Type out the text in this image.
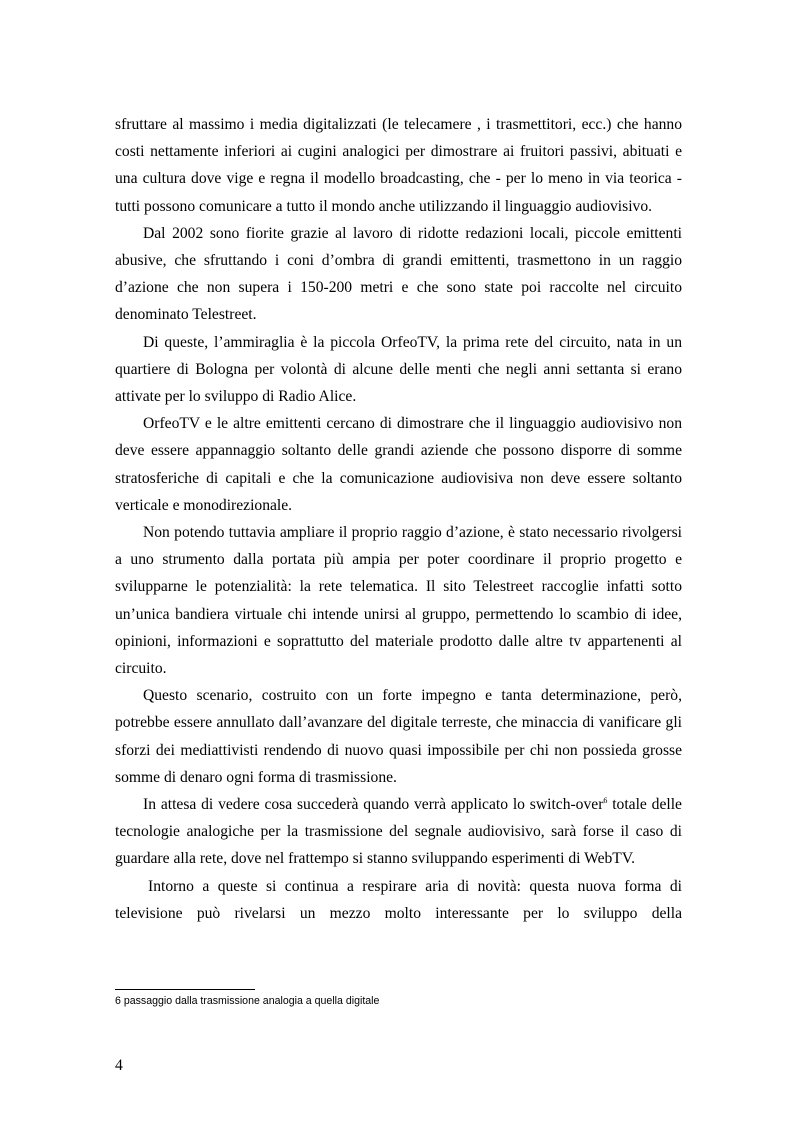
sfruttare al massimo i media digitalizzati (le telecamere , i trasmettitori, ecc.) che hanno costi nettamente inferiori ai cugini analogici per dimostrare ai fruitori passivi, abituati e una cultura dove vige e regna il modello broadcasting, che - per lo meno in via teorica - tutti possono comunicare a tutto il mondo anche utilizzando il linguaggio audiovisivo.

Dal 2002 sono fiorite grazie al lavoro di ridotte redazioni locali, piccole emittenti abusive, che sfruttando i coni d’ombra di grandi emittenti, trasmettono in un raggio d’azione che non supera i 150-200 metri e che sono state poi raccolte nel circuito denominato Telestreet.

Di queste, l’ammiraglia è la piccola OrfeoTV, la prima rete del circuito, nata in un quartiere di Bologna per volontà di alcune delle menti che negli anni settanta si erano attivate per lo sviluppo di Radio Alice.

OrfeoTV e le altre emittenti cercano di dimostrare che il linguaggio audiovisivo non deve essere appannaggio soltanto delle grandi aziende che possono disporre di somme stratosferiche di capitali e che la comunicazione audiovisiva non deve essere soltanto verticale e monodirezionale.

Non potendo tuttavia ampliare il proprio raggio d’azione, è stato necessario rivolgersi a uno strumento dalla portata più ampia per poter coordinare il proprio progetto e svilupparne le potenzialità: la rete telematica. Il sito Telestreet raccoglie infatti sotto un’unica bandiera virtuale chi intende unirsi al gruppo, permettendo lo scambio di idee, opinioni, informazioni e soprattutto del materiale prodotto dalle altre tv appartenenti al circuito.

Questo scenario, costruito con un forte impegno e tanta determinazione, però, potrebbe essere annullato dall’avanzare del digitale terreste, che minaccia di vanificare gli sforzi dei mediattivisti rendendo di nuovo quasi impossibile per chi non possieda grosse somme di denaro ogni forma di trasmissione.

In attesa di vedere cosa succederà quando verrà applicato lo switch-over$^6$ totale delle tecnologie analogiche per la trasmissione del segnale audiovisivo, sarà forse il caso di guardare alla rete, dove nel frattempo si stanno sviluppando esperimenti di WebTV.

Intorno a queste si continua a respirare aria di novità: questa nuova forma di televisione può rivelarsi un mezzo molto interessante per lo sviluppo della

6 passaggio dalla trasmissione analogia a quella digitale
4
